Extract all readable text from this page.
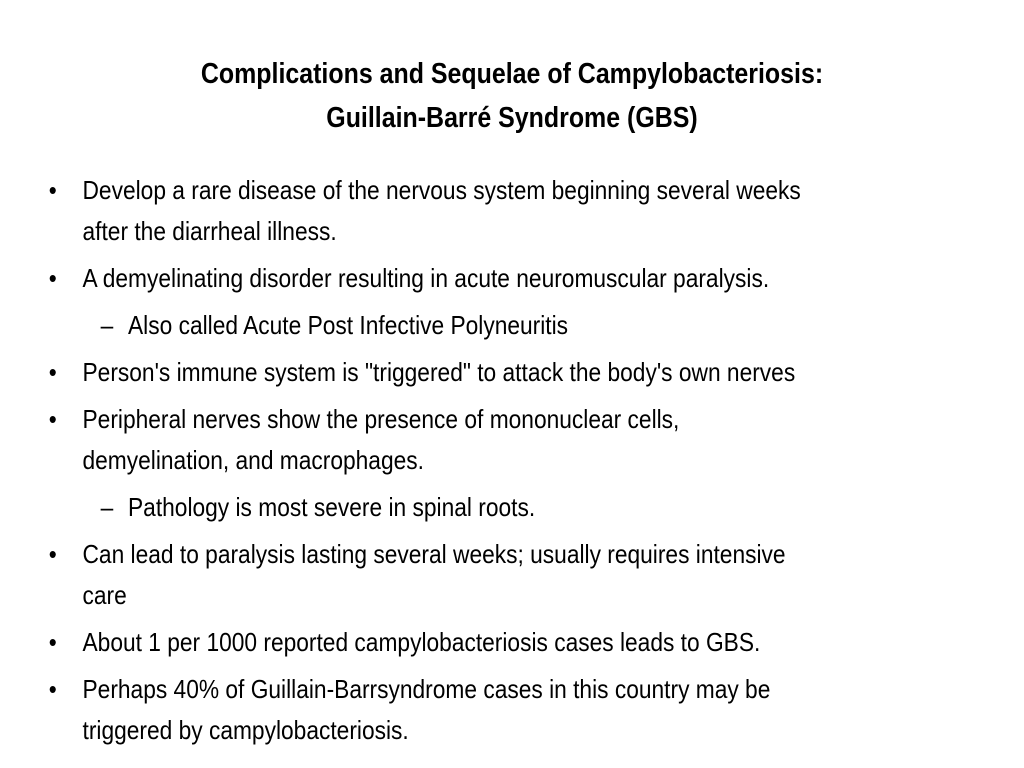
Complications and Sequelae of Campylobacteriosis:
Guillain-Barré Syndrome (GBS)
• Develop a rare disease of the nervous system beginning several weeks
after the diarrheal illness.
• A demyelinating disorder resulting in acute neuromuscular paralysis.
– Also called Acute Post Infective Polyneuritis
• Person's immune system is "triggered" to attack the body's own nerves
• Peripheral nerves show the presence of mononuclear cells,
demyelination, and macrophages.
– Pathology is most severe in spinal roots.
• Can lead to paralysis lasting several weeks; usually requires intensive
care
• About 1 per 1000 reported campylobacteriosis cases leads to GBS.
• Perhaps 40% of Guillain-Barrsyndrome cases in this country may be
triggered by campylobacteriosis.
